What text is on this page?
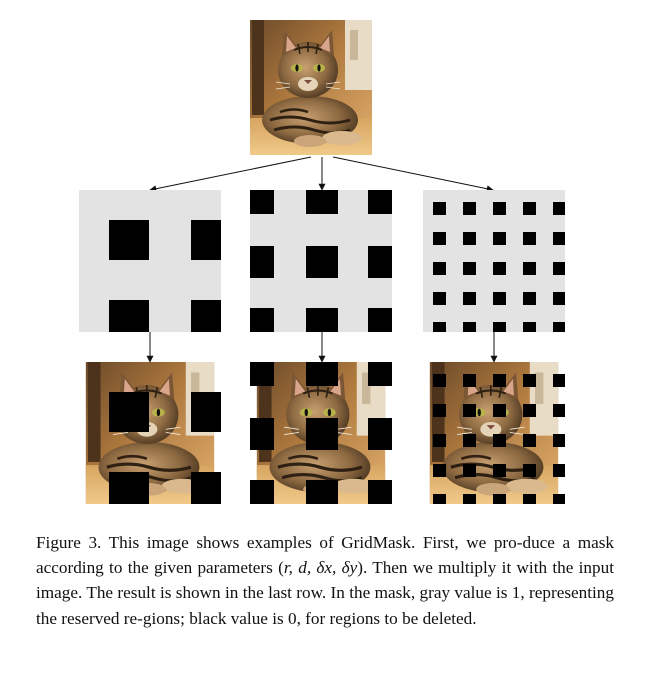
Figure 3. This image shows examples of GridMask. First, we pro-duce a mask according to the given parameters (r, d, δx, δy). Then we multiply it with the input image. The result is shown in the last row. In the mask, gray value is 1, representing the reserved re-gions; black value is 0, for regions to be deleted.
